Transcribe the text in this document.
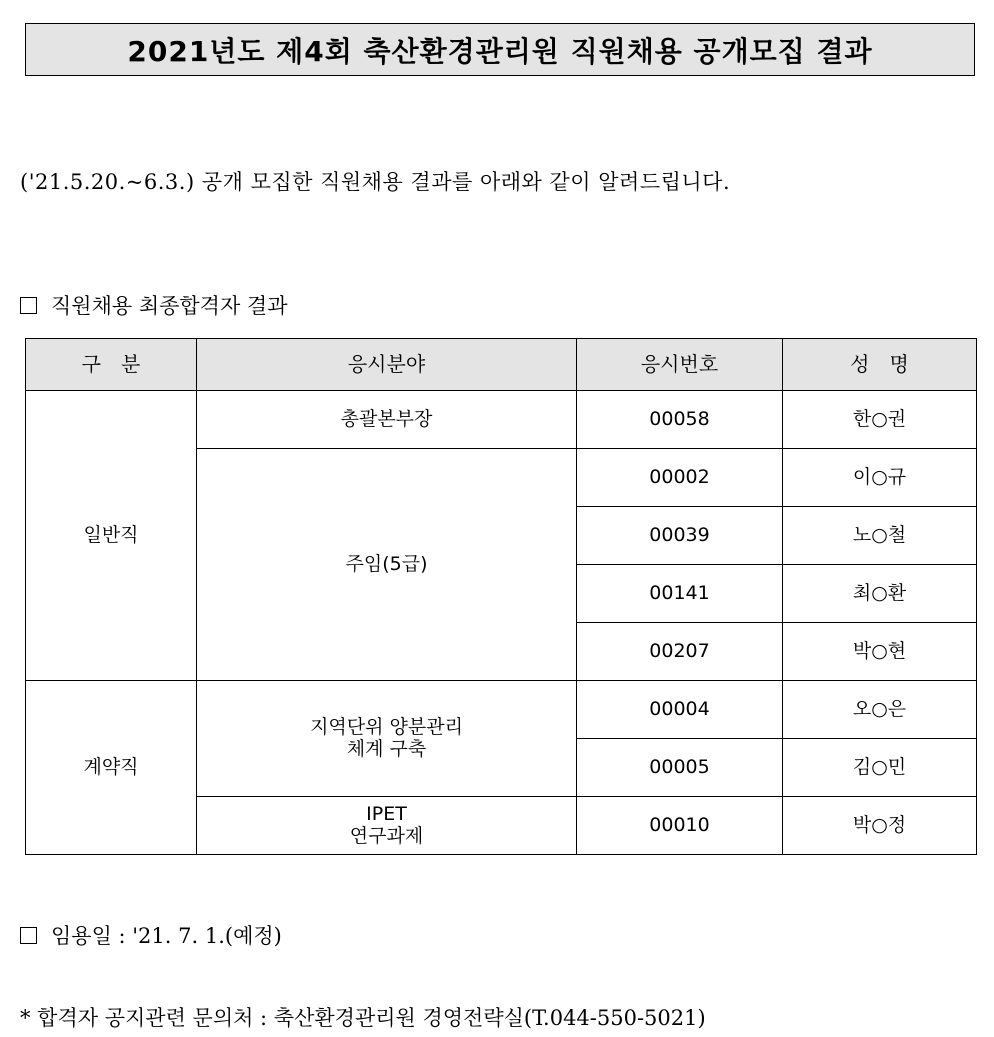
2021년도 제4회 축산환경관리원 직원채용 공개모집 결과
('21.5.20.~6.3.) 공개 모집한 직원채용 결과를 아래와 같이 알려드립니다.
직원채용 최종합격자 결과
구　분	응시분야	응시번호	성　명
일반직	총괄본부장	00058	한○권
	주임(5급)	00002	이○규
		00039	노○철
		00141	최○환
		00207	박○현
계약직	지역단위 양분관리
체계 구축	00004	오○은
		00005	김○민
	IPET
연구과제	00010	박○정
임용일 : '21. 7. 1.(예정)
* 합격자 공지관련 문의처 : 축산환경관리원 경영전략실(T.044-550-5021)
